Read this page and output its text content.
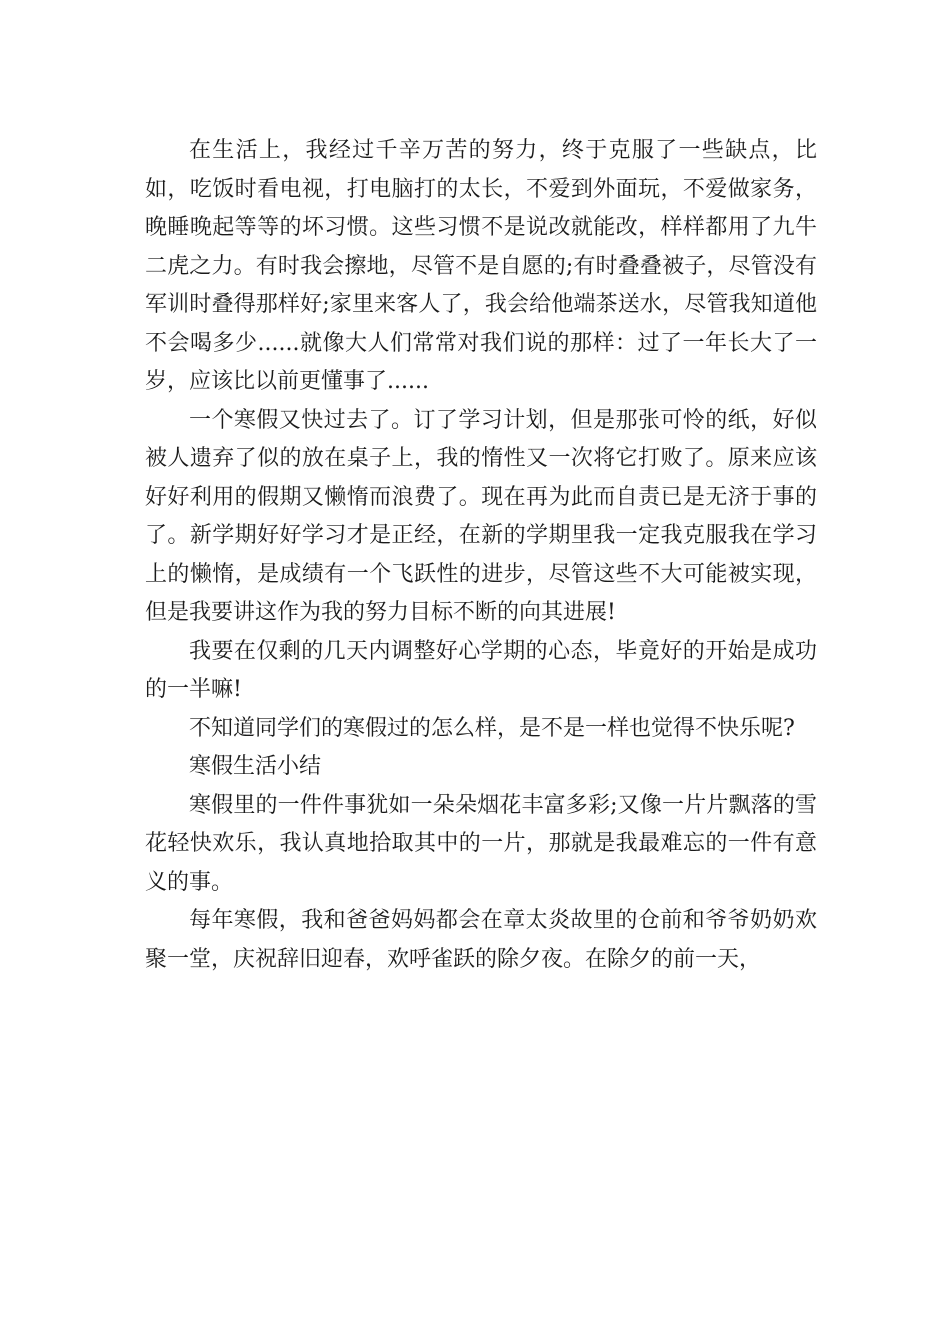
在生活上，我经过千辛万苦的努力，终于克服了一些缺点，比如，吃饭时看电视，打电脑打的太长，不爱到外面玩，不爱做家务，晚睡晚起等等的坏习惯。这些习惯不是说改就能改，样样都用了九牛二虎之力。有时我会擦地，尽管不是自愿的;有时叠叠被子，尽管没有军训时叠得那样好;家里来客人了，我会给他端茶送水，尽管我知道他不会喝多少......就像大人们常常对我们说的那样：过了一年长大了一岁，应该比以前更懂事了......

一个寒假又快过去了。订了学习计划，但是那张可怜的纸，好似被人遗弃了似的放在桌子上，我的惰性又一次将它打败了。原来应该好好利用的假期又懒惰而浪费了。现在再为此而自责已是无济于事的了。新学期好好学习才是正经，在新的学期里我一定我克服我在学习上的懒惰，是成绩有一个飞跃性的进步，尽管这些不大可能被实现，但是我要讲这作为我的努力目标不断的向其进展!

我要在仅剩的几天内调整好心学期的心态，毕竟好的开始是成功的一半嘛!

不知道同学们的寒假过的怎么样，是不是一样也觉得不快乐呢?

寒假生活小结

寒假里的一件件事犹如一朵朵烟花丰富多彩;又像一片片飘落的雪花轻快欢乐，我认真地拾取其中的一片，那就是我最难忘的一件有意义的事。

每年寒假，我和爸爸妈妈都会在章太炎故里的仓前和爷爷奶奶欢聚一堂，庆祝辞旧迎春，欢呼雀跃的除夕夜。在除夕的前一天，
